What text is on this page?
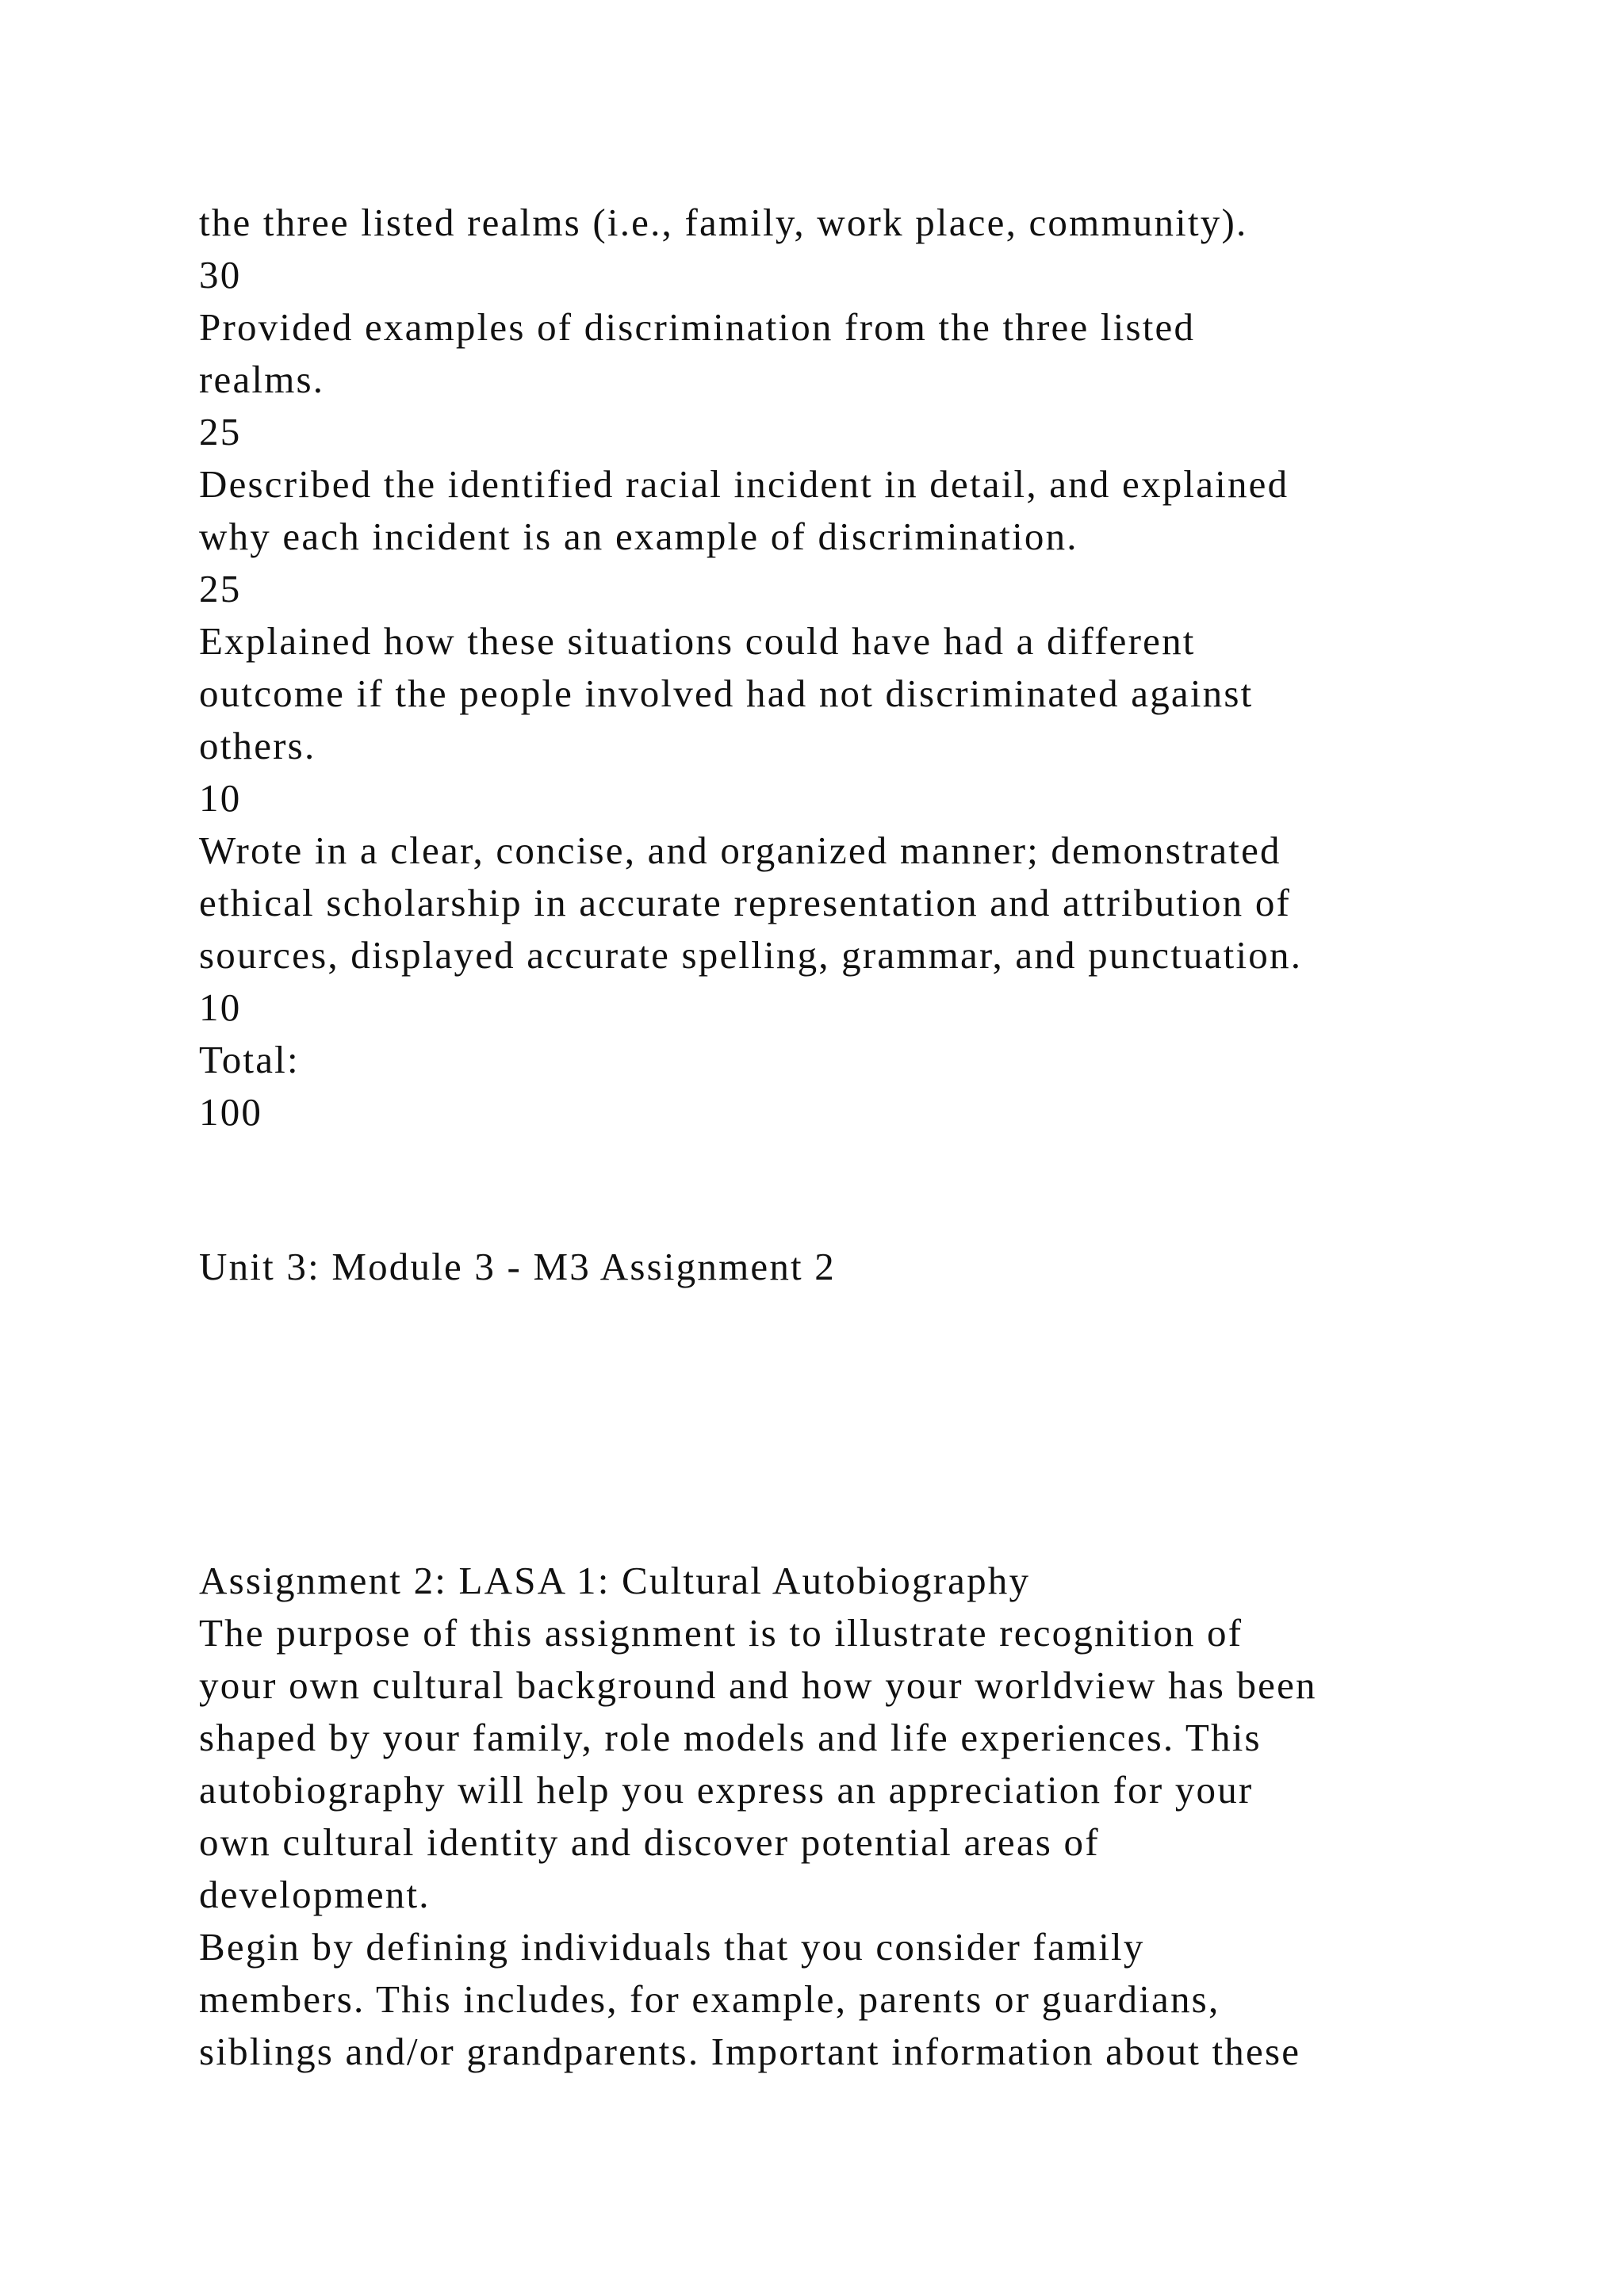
the three listed realms (i.e., family, work place, community).
30
Provided examples of discrimination from the three listed
realms.
25
Described the identified racial incident in detail, and explained
why each incident is an example of discrimination.
25
Explained how these situations could have had a different
outcome if the people involved had not discriminated against
others.
10
Wrote in a clear, concise, and organized manner; demonstrated
ethical scholarship in accurate representation and attribution of
sources, displayed accurate spelling, grammar, and punctuation.
10
Total:
100
Unit 3: Module 3 - M3 Assignment 2
Assignment 2: LASA 1: Cultural Autobiography
The purpose of this assignment is to illustrate recognition of
your own cultural background and how your worldview has been
shaped by your family, role models and life experiences. This
autobiography will help you express an appreciation for your
own cultural identity and discover potential areas of
development.
Begin by defining individuals that you consider family
members. This includes, for example, parents or guardians,
siblings and/or grandparents. Important information about these
